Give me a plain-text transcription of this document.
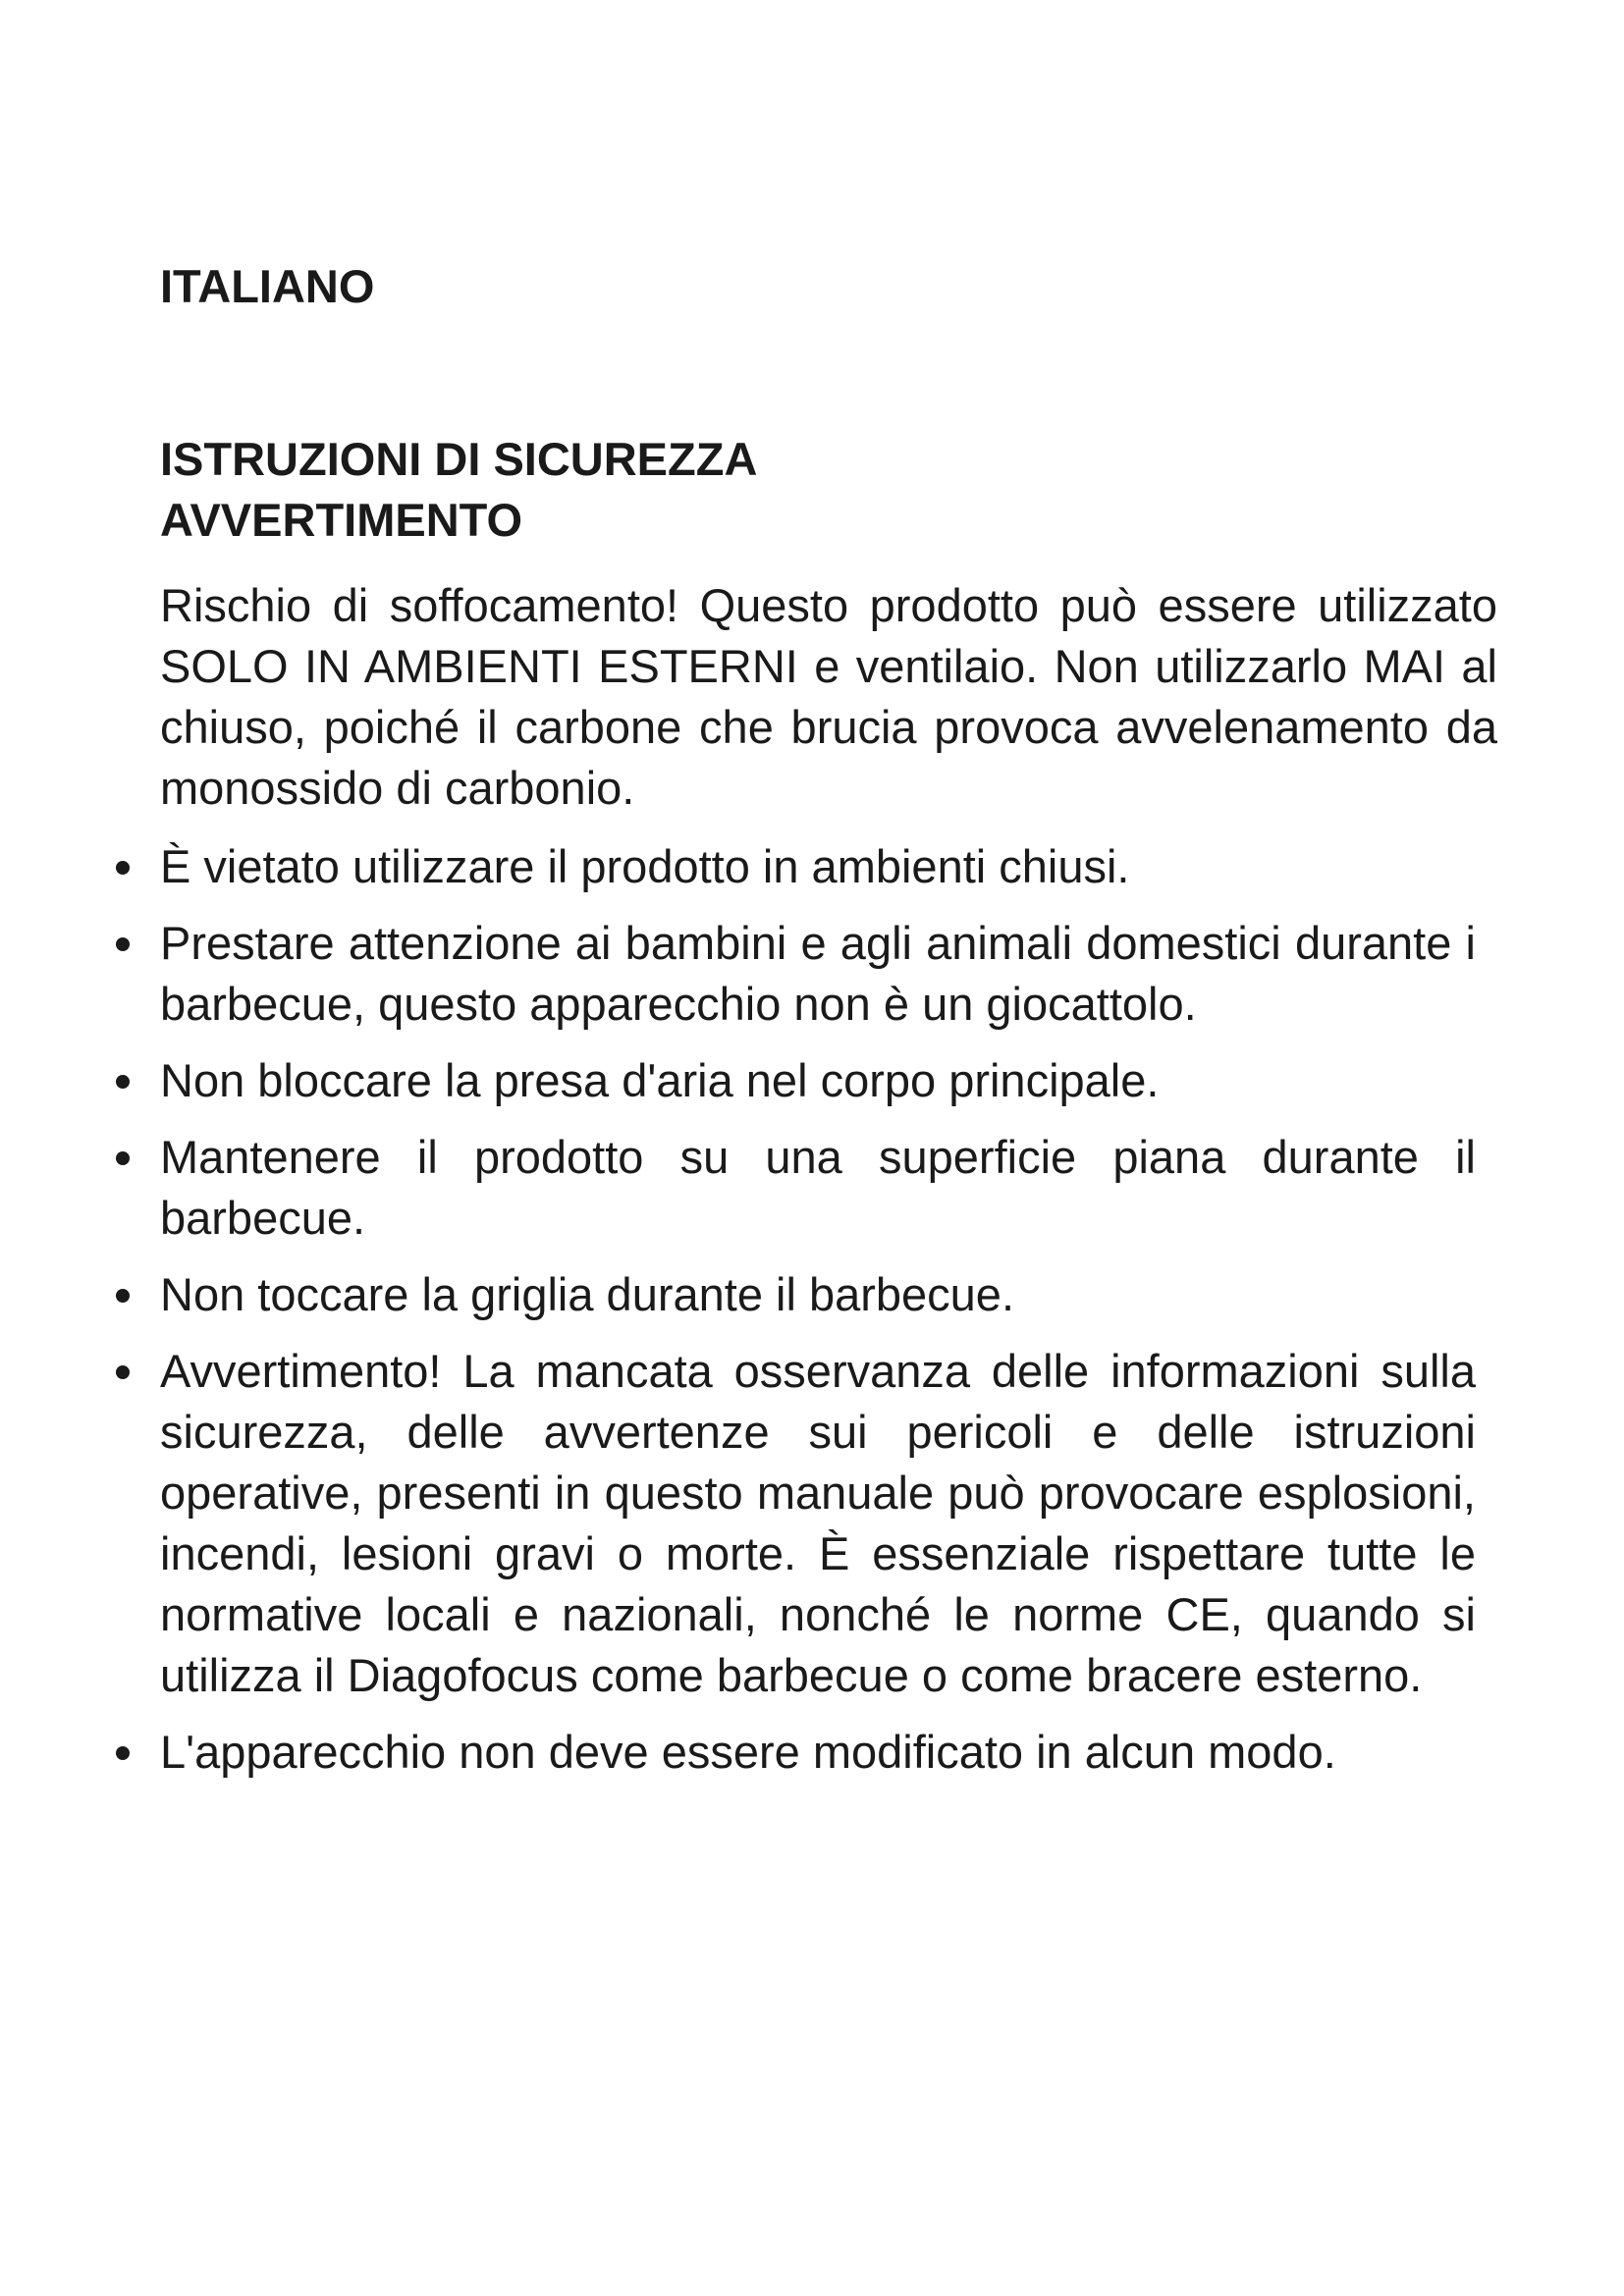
ITALIANO
ISTRUZIONI DI SICUREZZA
AVVERTIMENTO

Rischio di soffocamento! Questo prodotto può essere utilizzato SOLO IN AMBIENTI ESTERNI e ventilaio. Non utilizzarlo MAI al chiuso, poiché il carbone che brucia provoca avvelenamento da monossido di carbonio.

È vietato utilizzare il prodotto in ambienti chiusi.
Prestare attenzione ai bambini e agli animali domestici durante i barbecue, questo apparecchio non è un giocattolo.
Non bloccare la presa d'aria nel corpo principale.
Mantenere il prodotto su una superficie piana durante il barbecue.
Non toccare la griglia durante il barbecue.
Avvertimento! La mancata osservanza delle informazioni sulla sicurezza, delle avvertenze sui pericoli e delle istruzioni operative, presenti in questo manuale può provocare esplosioni, incendi, lesioni gravi o morte. È essenziale rispettare tutte le normative locali e nazionali, nonché le norme CE, quando si utilizza il Diagofocus come barbecue o come bracere esterno.
L'apparecchio non deve essere modificato in alcun modo.
